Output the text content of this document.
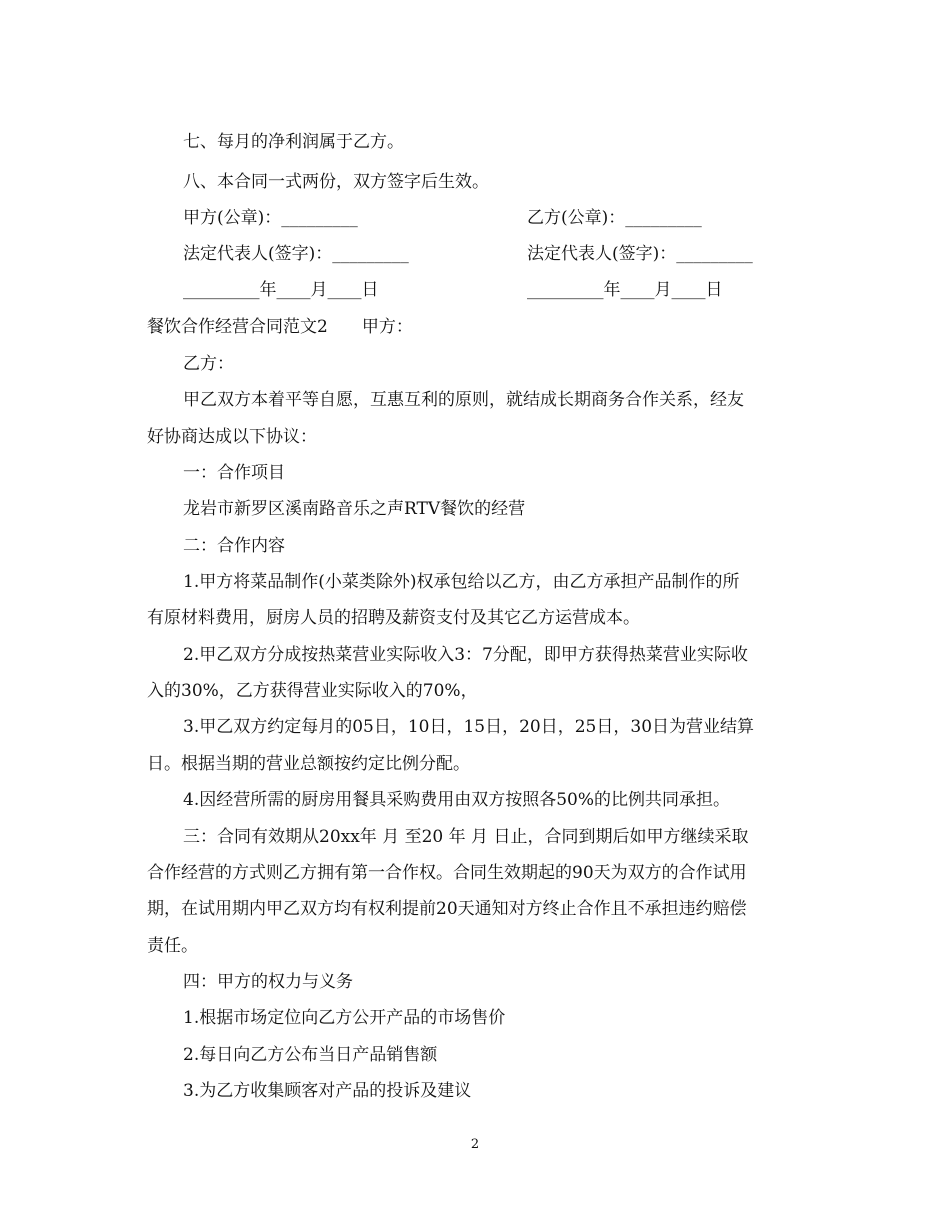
七、每月的净利润属于乙方。
八、本合同一式两份，双方签字后生效。
甲方(公章)：_________	乙方(公章)：_________
法定代表人(签字)：_________	法定代表人(签字)：_________
_________年____月____日	_________年____月____日
餐饮合作经营合同范文2　　甲方：
乙方：
甲乙双方本着平等自愿，互惠互利的原则，就结成长期商务合作关系，经友
好协商达成以下协议：
一：合作项目
龙岩市新罗区溪南路音乐之声RTV餐饮的经营
二：合作内容
1.甲方将菜品制作(小菜类除外)权承包给以乙方，由乙方承担产品制作的所
有原材料费用，厨房人员的招聘及薪资支付及其它乙方运营成本。
2.甲乙双方分成按热菜营业实际收入3：7分配，即甲方获得热菜营业实际收
入的30%，乙方获得营业实际收入的70%，
3.甲乙双方约定每月的05日，10日，15日，20日，25日，30日为营业结算
日。根据当期的营业总额按约定比例分配。
4.因经营所需的厨房用餐具采购费用由双方按照各50%的比例共同承担。
三：合同有效期从20xx年 月 至20 年 月 日止，合同到期后如甲方继续采取
合作经营的方式则乙方拥有第一合作权。合同生效期起的90天为双方的合作试用
期，在试用期内甲乙双方均有权利提前20天通知对方终止合作且不承担违约赔偿
责任。
四：甲方的权力与义务
1.根据市场定位向乙方公开产品的市场售价
2.每日向乙方公布当日产品销售额
3.为乙方收集顾客对产品的投诉及建议
2
